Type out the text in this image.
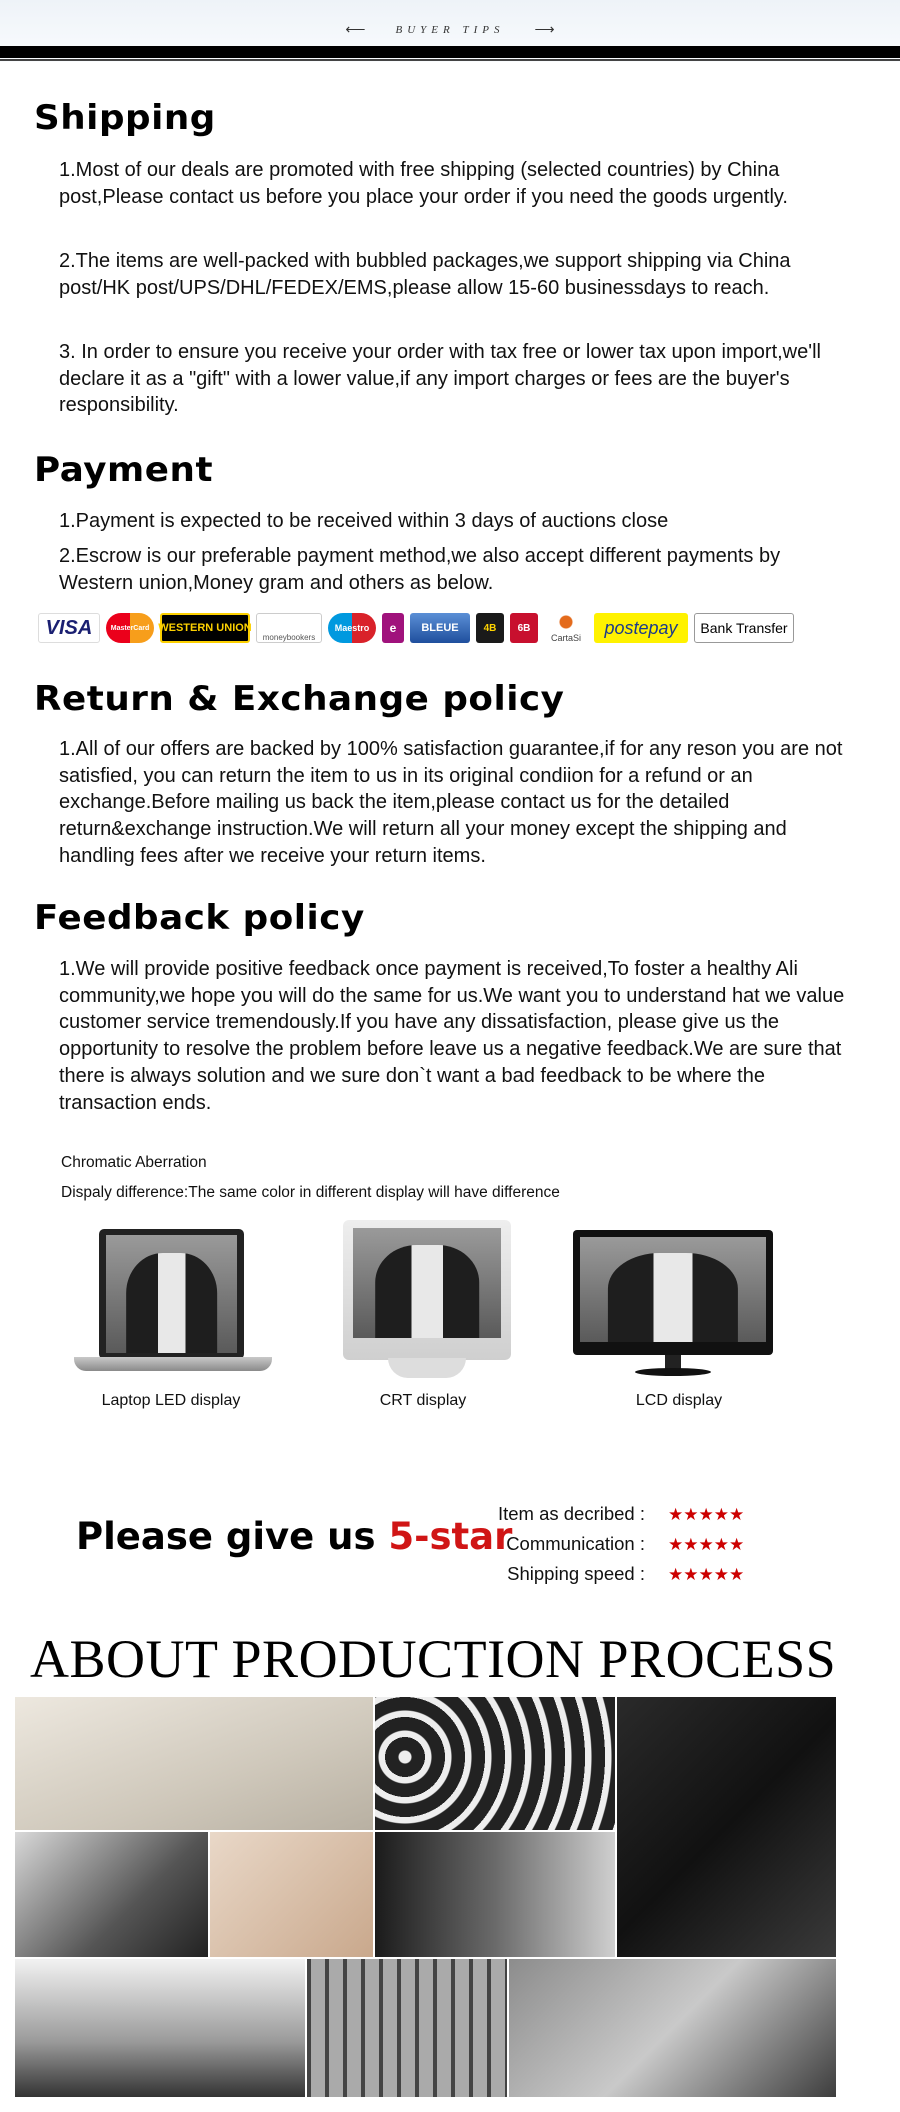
⟵	BUYER TIPS ⟶
Shipping
1.Most of our deals are promoted with free shipping (selected countries) by China post,Please contact us before you place your order if you need the goods urgently.
2.The items are well-packed with bubbled packages,we support shipping via China post/HK post/UPS/DHL/FEDEX/EMS,please allow 15-60 businessdays to reach.
3. In order to ensure you receive your order with tax free or lower tax upon import,we'll declare it as a "gift" with a lower value,if any import charges or fees are the buyer's responsibility.
Payment
1.Payment is expected to be received within 3 days of auctions close
2.Escrow is our preferable payment method,we also accept different payments by Western union,Money gram and others as below.
VISA	MasterCard WESTERN UNION
moneybookers
Maestro	e	BLEUE	4B	6B
CartaSi
postepay	Bank Transfer
Return & Exchange policy
1.All of our offers are backed by 100% satisfaction guarantee,if for any reson you are not satisfied, you can return the item to us in its original condiion for a refund or an exchange.Before mailing us back the item,please contact us for the detailed return&exchange instruction.We will return all your money except the shipping and handling fees after we receive your return items.
Feedback policy
1.We will provide positive feedback once payment is received,To foster a healthy Ali community,we hope you will do the same for us.We want you to understand hat we value customer service tremendously.If you have any dissatisfaction, please give us the opportunity to resolve the problem before leave us a negative feedback.We are sure that there is always solution and we sure don`t want a bad feedback to be where the transaction ends.
Chromatic Aberration
Dispaly difference:The same color in different display will have difference
Laptop LED display	CRT display	LCD display
Please give us 5-star
Item as decribed : ★★★★★
Communication : ★★★★★
Shipping speed : ★★★★★
ABOUT PRODUCTION PROCESS
